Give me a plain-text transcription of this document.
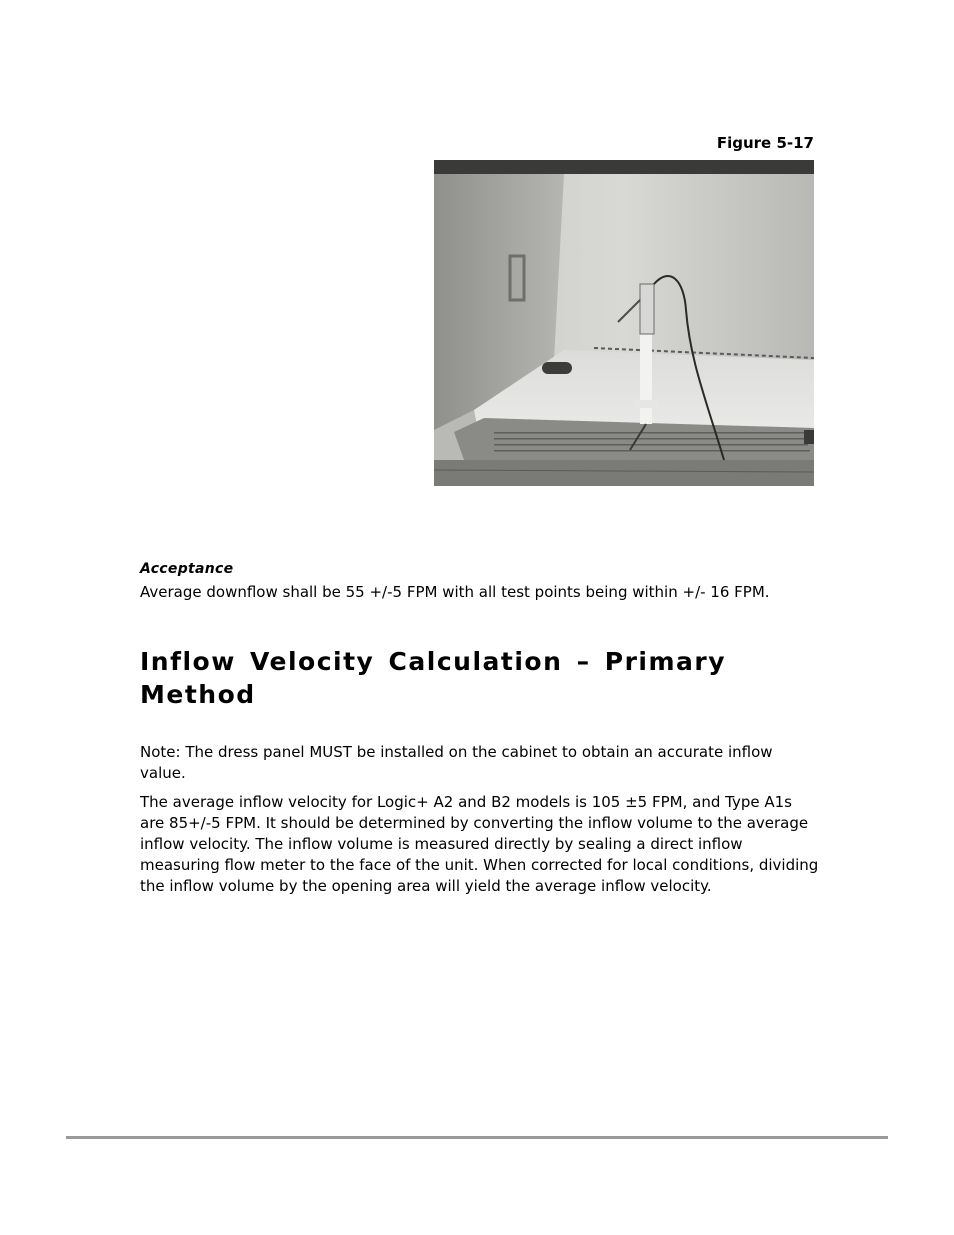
Figure 5-17
Acceptance
Average downflow shall be 55 +/-5 FPM with all test points being within +/- 16 FPM.
Inflow Velocity Calculation – Primary Method
Note: The dress panel MUST be installed on the cabinet to obtain an accurate inflow value.
The average inflow velocity for Logic+ A2 and B2 models is 105 ±5 FPM, and Type A1s are 85+/-5 FPM. It should be determined by converting the inflow volume to the average inflow velocity. The inflow volume is measured directly by sealing a direct inflow measuring flow meter to the face of the unit. When corrected for local conditions, dividing the inflow volume by the opening area will yield the average inflow velocity.
